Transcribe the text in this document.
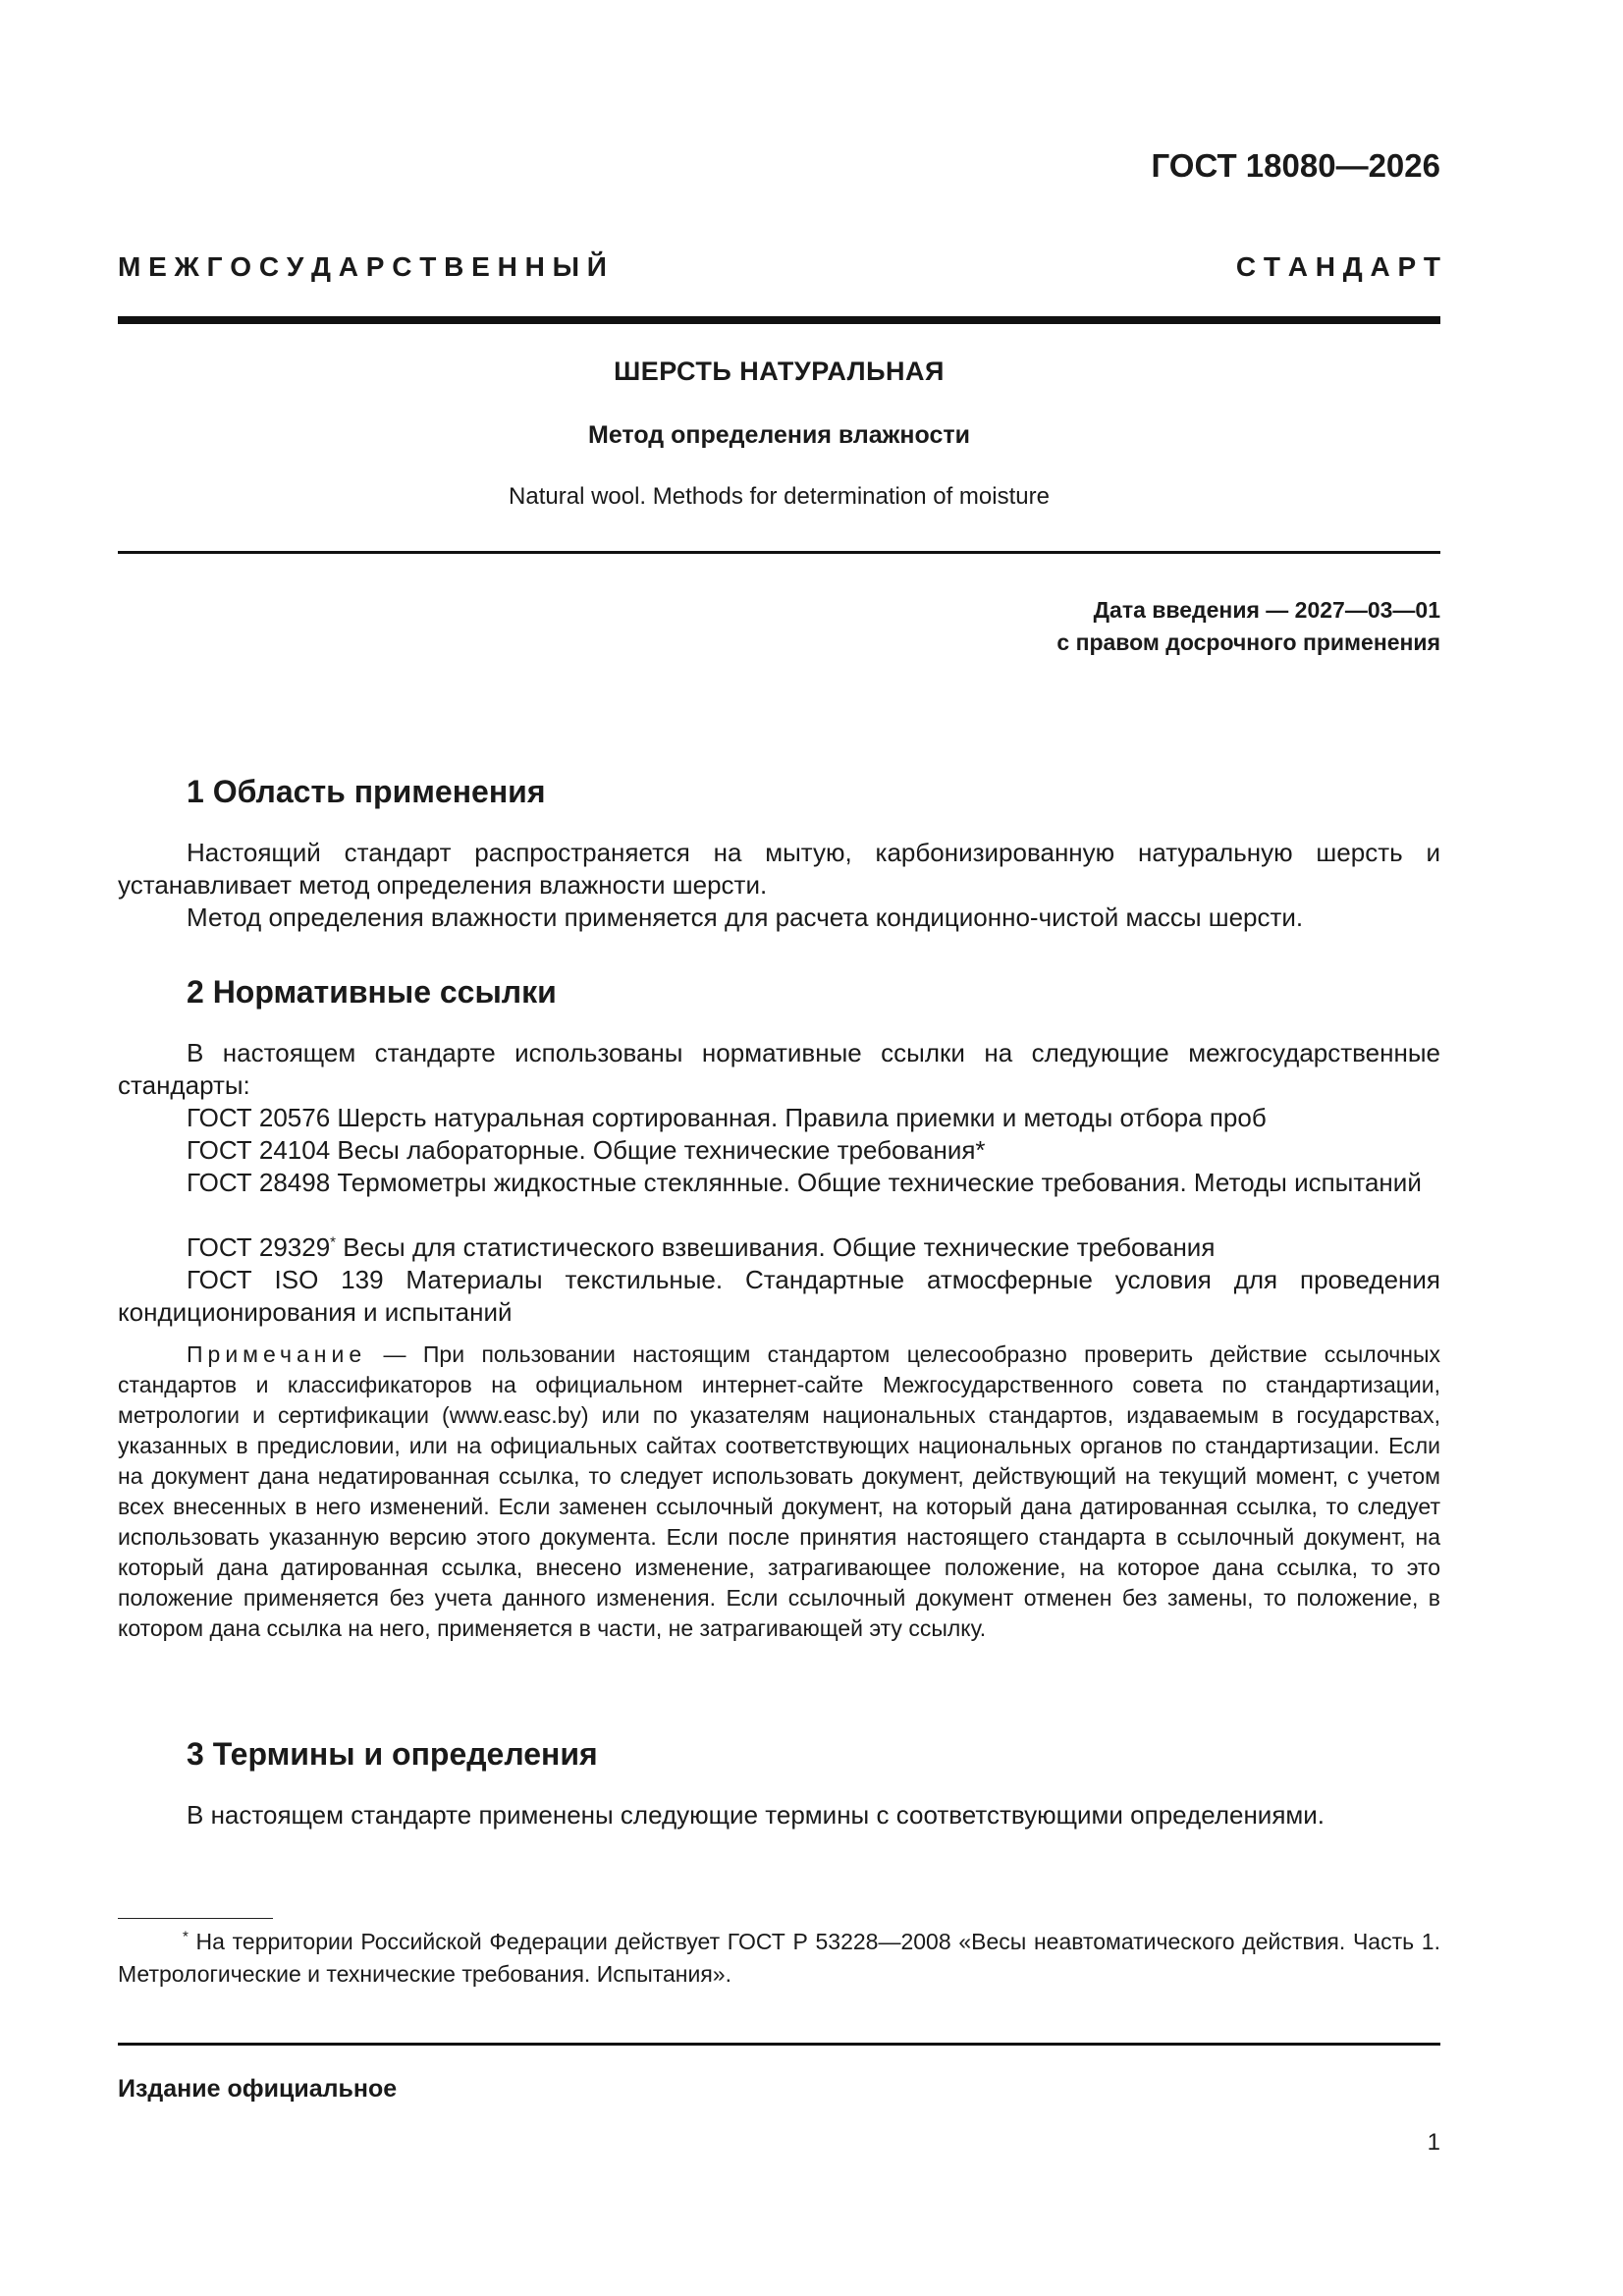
ГОСТ 18080—2026
М Е Ж Г О С У Д А Р С Т В Е Н Н Ы Й	С Т А Н Д А Р Т
ШЕРСТЬ НАТУРАЛЬНАЯ
Метод определения влажности
Natural wool. Methods for determination of moisture
Дата введения — 2027—03—01
с правом досрочного применения
1 Область применения
Настоящий стандарт распространяется на мытую, карбонизированную натуральную шерсть и устанавливает метод определения влажности шерсти.
Метод определения влажности применяется для расчета кондиционно-чистой массы шерсти.
2 Нормативные ссылки
В настоящем стандарте использованы нормативные ссылки на следующие межгосударственные стандарты:
ГОСТ 20576 Шерсть натуральная сортированная. Правила приемки и методы отбора проб
ГОСТ 24104 Весы лабораторные. Общие технические требования*
ГОСТ 28498 Термометры жидкостные стеклянные. Общие технические требования. Методы испытаний
ГОСТ 29329* Весы для статистического взвешивания. Общие технические требования
ГОСТ ISO 139 Материалы текстильные. Стандартные атмосферные условия для проведения кондиционирования и испытаний
Примечание — При пользовании настоящим стандартом целесообразно проверить действие ссылочных стандартов и классификаторов на официальном интернет-сайте Межгосударственного совета по стандартизации, метрологии и сертификации (www.easc.by) или по указателям национальных стандартов, издаваемым в государствах, указанных в предисловии, или на официальных сайтах соответствующих национальных органов по стандартизации. Если на документ дана недатированная ссылка, то следует использовать документ, действующий на текущий момент, с учетом всех внесенных в него изменений. Если заменен ссылочный документ, на который дана датированная ссылка, то следует использовать указанную версию этого документа. Если после принятия настоящего стандарта в ссылочный документ, на который дана датированная ссылка, внесено изменение, затрагивающее положение, на которое дана ссылка, то это положение применяется без учета данного изменения. Если ссылочный документ отменен без замены, то положение, в котором дана ссылка на него, применяется в части, не затрагивающей эту ссылку.
3 Термины и определения
В настоящем стандарте применены следующие термины с соответствующими определениями.
* На территории Российской Федерации действует ГОСТ Р 53228—2008 «Весы неавтоматического действия. Часть 1. Метрологические и технические требования. Испытания».
Издание официальное
1
